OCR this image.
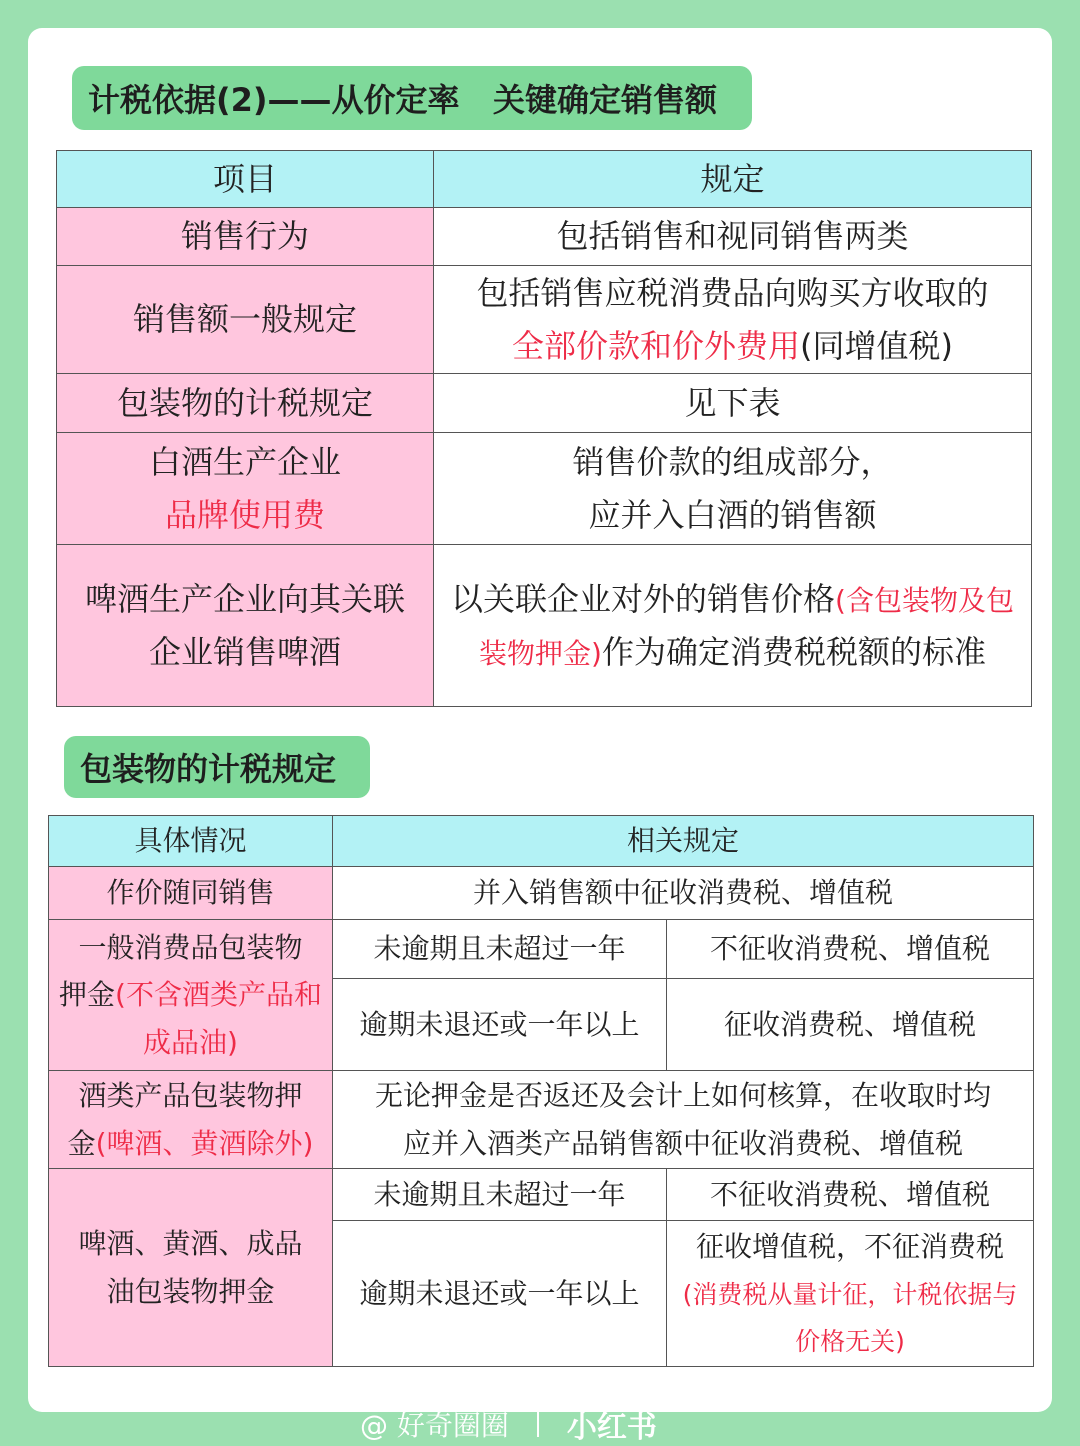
计税依据(2)——从价定率   关键确定销售额
项目	规定
销售行为	包括销售和视同销售两类
销售额一般规定	包括销售应税消费品向购买方收取的
全部价款和价外费用(同增值税)
包装物的计税规定	见下表
白酒生产企业
品牌使用费	销售价款的组成部分，
应并入白酒的销售额
啤酒生产企业向其关联
企业销售啤酒	以关联企业对外的销售价格(含包装物及包装物押金)作为确定消费税税额的标准
包装物的计税规定
具体情况	相关规定	
作价随同销售	并入销售额中征收消费税、增值税	
一般消费品包装物
押金(不含酒类产品和成品油)	未逾期且未超过一年	不征收消费税、增值税
	逾期未退还或一年以上	征收消费税、增值税
酒类产品包装物押
金(啤酒、黄酒除外)	无论押金是否返还及会计上如何核算，在收取时均
应并入酒类产品销售额中征收消费税、增值税	
啤酒、黄酒、成品
油包装物押金	未逾期且未超过一年	不征收消费税、增值税
	逾期未退还或一年以上	征收增值税，不征消费税
(消费税从量计征，计税依据与价格无关)
@ 好奇圈圈 小红书
